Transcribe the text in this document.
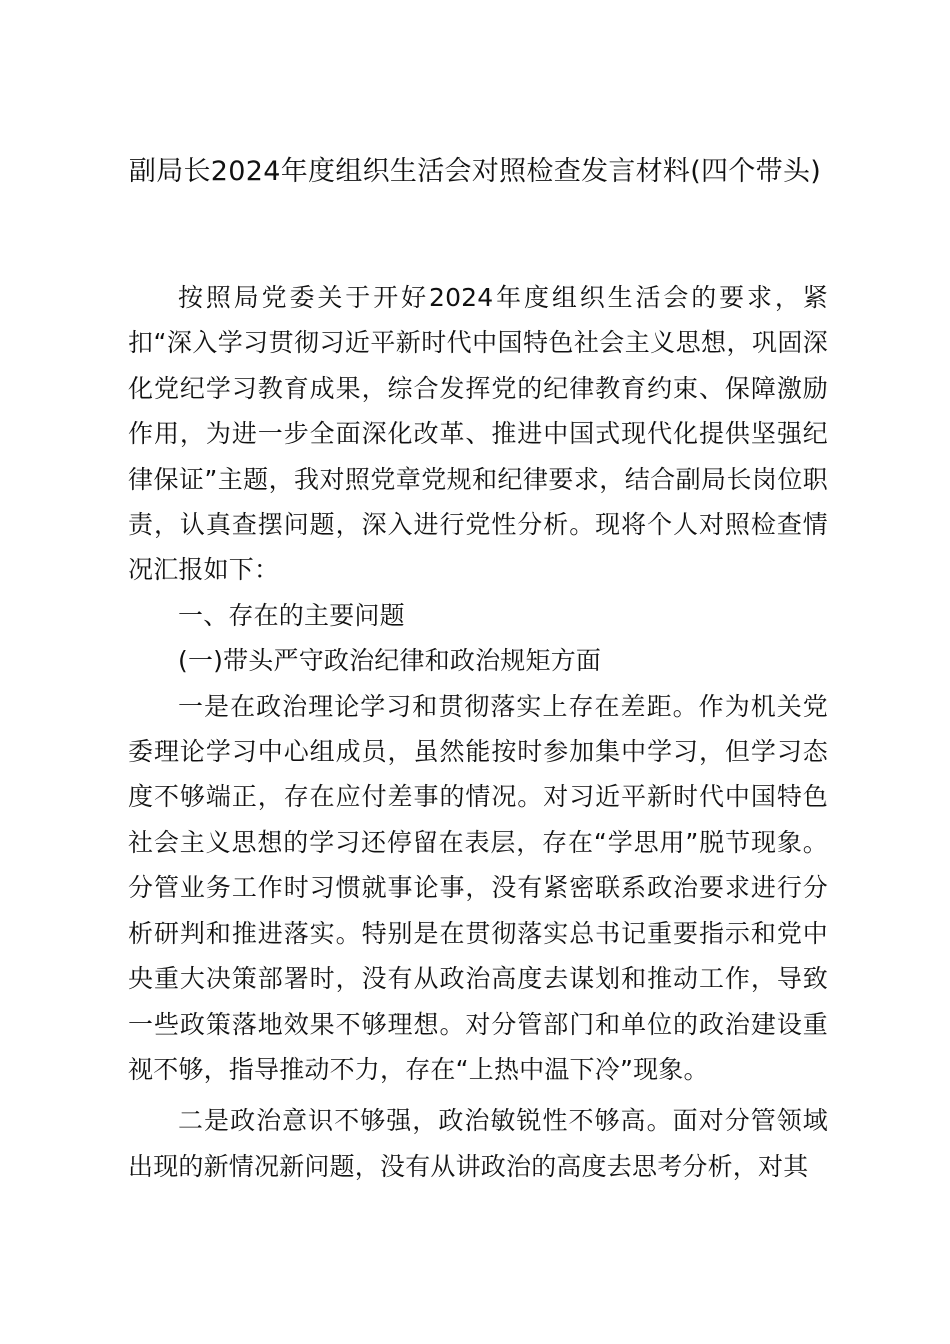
副局长2024年度组织生活会对照检查发言材料(四个带头)

按照局党委关于开好2024年度组织生活会的要求，紧扣“深入学习贯彻习近平新时代中国特色社会主义思想，巩固深化党纪学习教育成果，综合发挥党的纪律教育约束、保障激励作用，为进一步全面深化改革、推进中国式现代化提供坚强纪律保证”主题，我对照党章党规和纪律要求，结合副局长岗位职责，认真查摆问题，深入进行党性分析。现将个人对照检查情况汇报如下：

一、存在的主要问题

(一)带头严守政治纪律和政治规矩方面

一是在政治理论学习和贯彻落实上存在差距。作为机关党委理论学习中心组成员，虽然能按时参加集中学习，但学习态度不够端正，存在应付差事的情况。对习近平新时代中国特色社会主义思想的学习还停留在表层，存在“学思用”脱节现象。分管业务工作时习惯就事论事，没有紧密联系政治要求进行分析研判和推进落实。特别是在贯彻落实总书记重要指示和党中央重大决策部署时，没有从政治高度去谋划和推动工作，导致一些政策落地效果不够理想。对分管部门和单位的政治建设重视不够，指导推动不力，存在“上热中温下冷”现象。

二是政治意识不够强，政治敏锐性不够高。面对分管领域出现的新情况新问题，没有从讲政治的高度去思考分析，对其
